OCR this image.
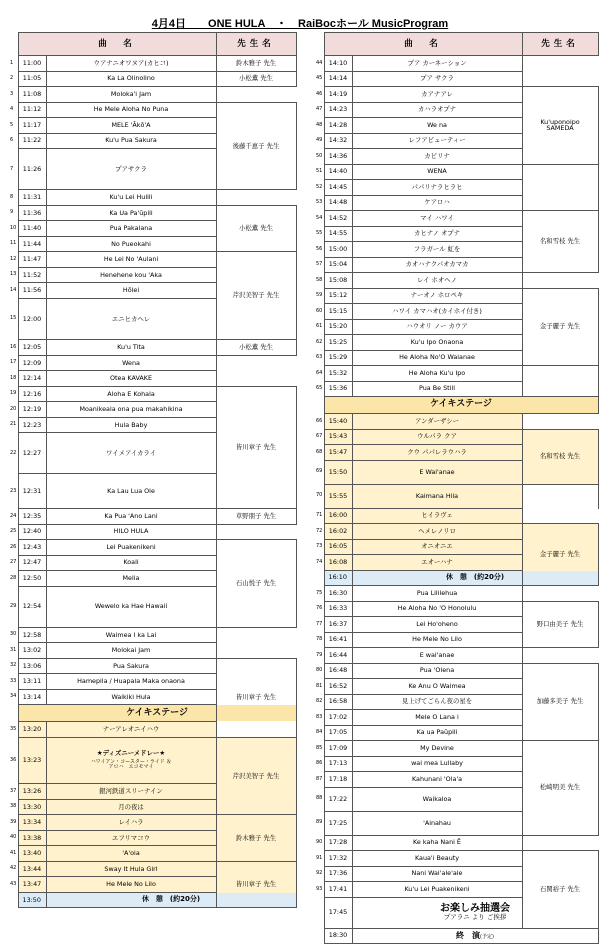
4月4日　　ONE HULA　・　RaiBocホール MusicProgram
	曲　名		先生名	
1	11:00	ウアナニオワヌア(カヒコ)	鈴木雅子 先生	
2	11:05	Ka La Olinolino	小松薫 先生	
3	11:08	Moloka'i Jam		
4	11:12	He Mele Aloha No Puna	後藤千恵子 先生	
5	11:17	MELE 'Ākō'A		
6	11:22	Ku'u Pua Sakura		
7	11:26	プアサクラ	
8	11:31	Ku'u Lei Hulili		
9	11:36	Ka Ua Pa'ūpili	小松薫 先生	
10	11:40	Pua Pakalana		
11	11:44	No Pueokahi		
12	11:47	He Lei No 'Aulani	芹沢美智子 先生	
13	11:52	Henehene kou 'Aka		
14	11:56	Hōlei		
15	12:00	エニヒカヘレ	
16	12:05	Ku'u Tita	小松薫 先生	
17	12:09	Wena		
18	12:14	Otea KAVAKE		
19	12:16	Aloha E Kohala	皆川章子 先生	
20	12:19	Moanikeala ona pua makahikina		
21	12:23	Hula Baby		
22	12:27	ワイメアイカライ	
23	12:31	Ka Lau Lua Ole	
24	12:35	Ka Pua 'Ano Lani	草野朋子 先生	
25	12:40	HILO HULA		
26	12:43	Lei Puakenikeni	石山悦子 先生	
27	12:47	Koali		
28	12:50	Melia		
29	12:54	Wewelo ka Hae Hawaii	
30	12:58	Waimea I ka Lai		
31	13:02	Molokai Jam		
32	13:06	Pua Sakura	皆川章子 先生	
33	13:11	Hamepila / Huapala Maka onaona		
34	13:14	Waikiki Hula		
	ケイキステージ			
35	13:20	ナーアレオニイハウ		
36	13:23	★ディズニーメドレー★
ハワイアン・コースター・ライド ＆
アロハ　エコモマイ	芹沢美智子 先生	
37	13:26	銀河鉄道スリーナイン		
38	13:30	月の夜は		
39	13:34	レイハラ	鈴木雅子 先生	
40	13:38	エフリマコウ		
41	13:40	'A'oia		
42	13:44	Sway It Hula Girl	皆川章子 先生	
43	13:47	He Mele No Lilo		
	13:50	休　憩　(約20分)		
	曲　名		先生名	
44	14:10	プア カーネーション		
45	14:14	プア サクラ		
46	14:19	カアナアレ	Ku'uponoipo
SAMEDA	
47	14:23	カハラオプナ		
48	14:28	We na		
49	14:32	レフアビューティー		
50	14:36	カピリナ	
51	14:40	WENA		
52	14:45	パパリナラヒラヒ		
53	14:48	ケアロハ		
54	14:52	マイ ハワイ	名和雪枝 先生	
55	14:55	カヒナノ オプナ		
56	15:00	フラガール 虹を		
57	15:04	カオハナクパオカマカ		
58	15:08	レイ ホオヘノ		
59	15:12	ナーオノ ホロペキ	金子麗子 先生	
60	15:15	ハワイ カマハオ(カイホイ付き)		
61	15:20	ハウオリ ノー カウア		
62	15:25	Ku'u Ipo Onaona		
63	15:29	He Aloha No'O Waianae	
64	15:32	He Aloha Ku'u Ipo		
65	15:36	Pua Be Still		
	ケイキステージ			
66	15:40	アンダーザシー		
67	15:43	ウルパラ クア	名和雪枝 先生	
68	15:47	クウ パパレラウハラ		
69	15:50	E Wai'anae	
70	15:55	Kaimana Hila		
71	16:00	ヒイラヴェ		
72	16:02	ヘメレノリロ	金子麗子 先生	
73	16:05	オニオニエ		
74	16:08	エオーハナ		
	16:10	休　憩　(約20分)		
75	16:30	Pua Lililehua		
76	16:33	He Aloha No 'O Honolulu	野口由美子 先生	
77	16:37	Lei Ho'oheno		
78	16:41	He Mele No Lilo		
79	16:44	E wai'anae		
80	16:48	Pua 'Olena	加藤多美子 先生	
81	16:52	Ke Anu O Waimea		
82	16:58	見上げてごらん夜の星を		
83	17:02	Mele O Lana i		
84	17:05	Ka ua Paūpili		
85	17:09	My Devine	松崎明美 先生	
86	17:13	wai mea Lullaby		
87	17:18	Kahunani 'Ola'a		
88	17:22	Waikaloa	
89	17:25	'Ainahau		
90	17:28	Ke kaha Nani Ē		
91	17:32	Kaua'i Beauty	石関裕子 先生	
92	17:36	Nani Wai'ale'ale		
93	17:41	Ku'u Lei Puakenikeni		
	17:45	お楽しみ抽選会
プアラニ より ご挨拶		

	18:30	終　演(予定)		
